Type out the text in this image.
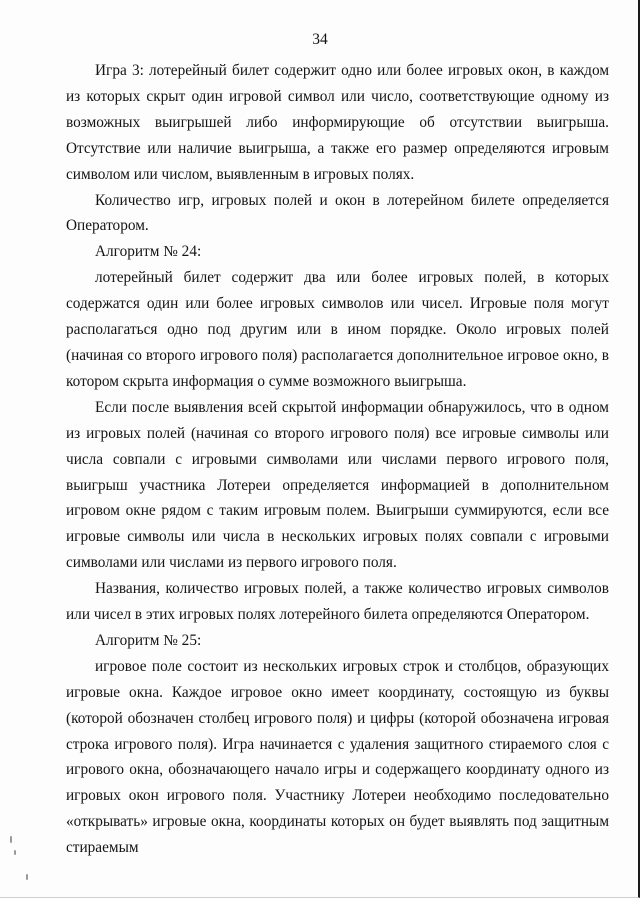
34

Игра 3: лотерейный билет содержит одно или более игровых окон, в каждом из которых скрыт один игровой символ или число, соответствующие одному из возможных выигрышей либо информирующие об отсутствии выигрыша. Отсутствие или наличие выигрыша, а также его размер определяются игровым символом или числом, выявленным в игровых полях.

Количество игр, игровых полей и окон в лотерейном билете определяется Оператором.

Алгоритм № 24:

лотерейный билет содержит два или более игровых полей, в которых содержатся один или более игровых символов или чисел. Игровые поля могут располагаться одно под другим или в ином порядке. Около игровых полей (начиная со второго игрового поля) располагается дополнительное игровое окно, в котором скрыта информация о сумме возможного выигрыша.

Если после выявления всей скрытой информации обнаружилось, что в одном из игровых полей (начиная со второго игрового поля) все игровые символы или числа совпали с игровыми символами или числами первого игрового поля, выигрыш участника Лотереи определяется информацией в дополнительном игровом окне рядом с таким игровым полем. Выигрыши суммируются, если все игровые символы или числа в нескольких игровых полях совпали с игровыми символами или числами из первого игрового поля.

Названия, количество игровых полей, а также количество игровых символов или чисел в этих игровых полях лотерейного билета определяются Оператором.

Алгоритм № 25:

игровое поле состоит из нескольких игровых строк и столбцов, образующих игровые окна. Каждое игровое окно имеет координату, состоящую из буквы (которой обозначен столбец игрового поля) и цифры (которой обозначена игровая строка игрового поля). Игра начинается с удаления защитного стираемого слоя с игрового окна, обозначающего начало игры и содержащего координату одного из игровых окон игрового поля. Участнику Лотереи необходимо последовательно «открывать» игровые окна, координаты которых он будет выявлять под защитным стираемым
